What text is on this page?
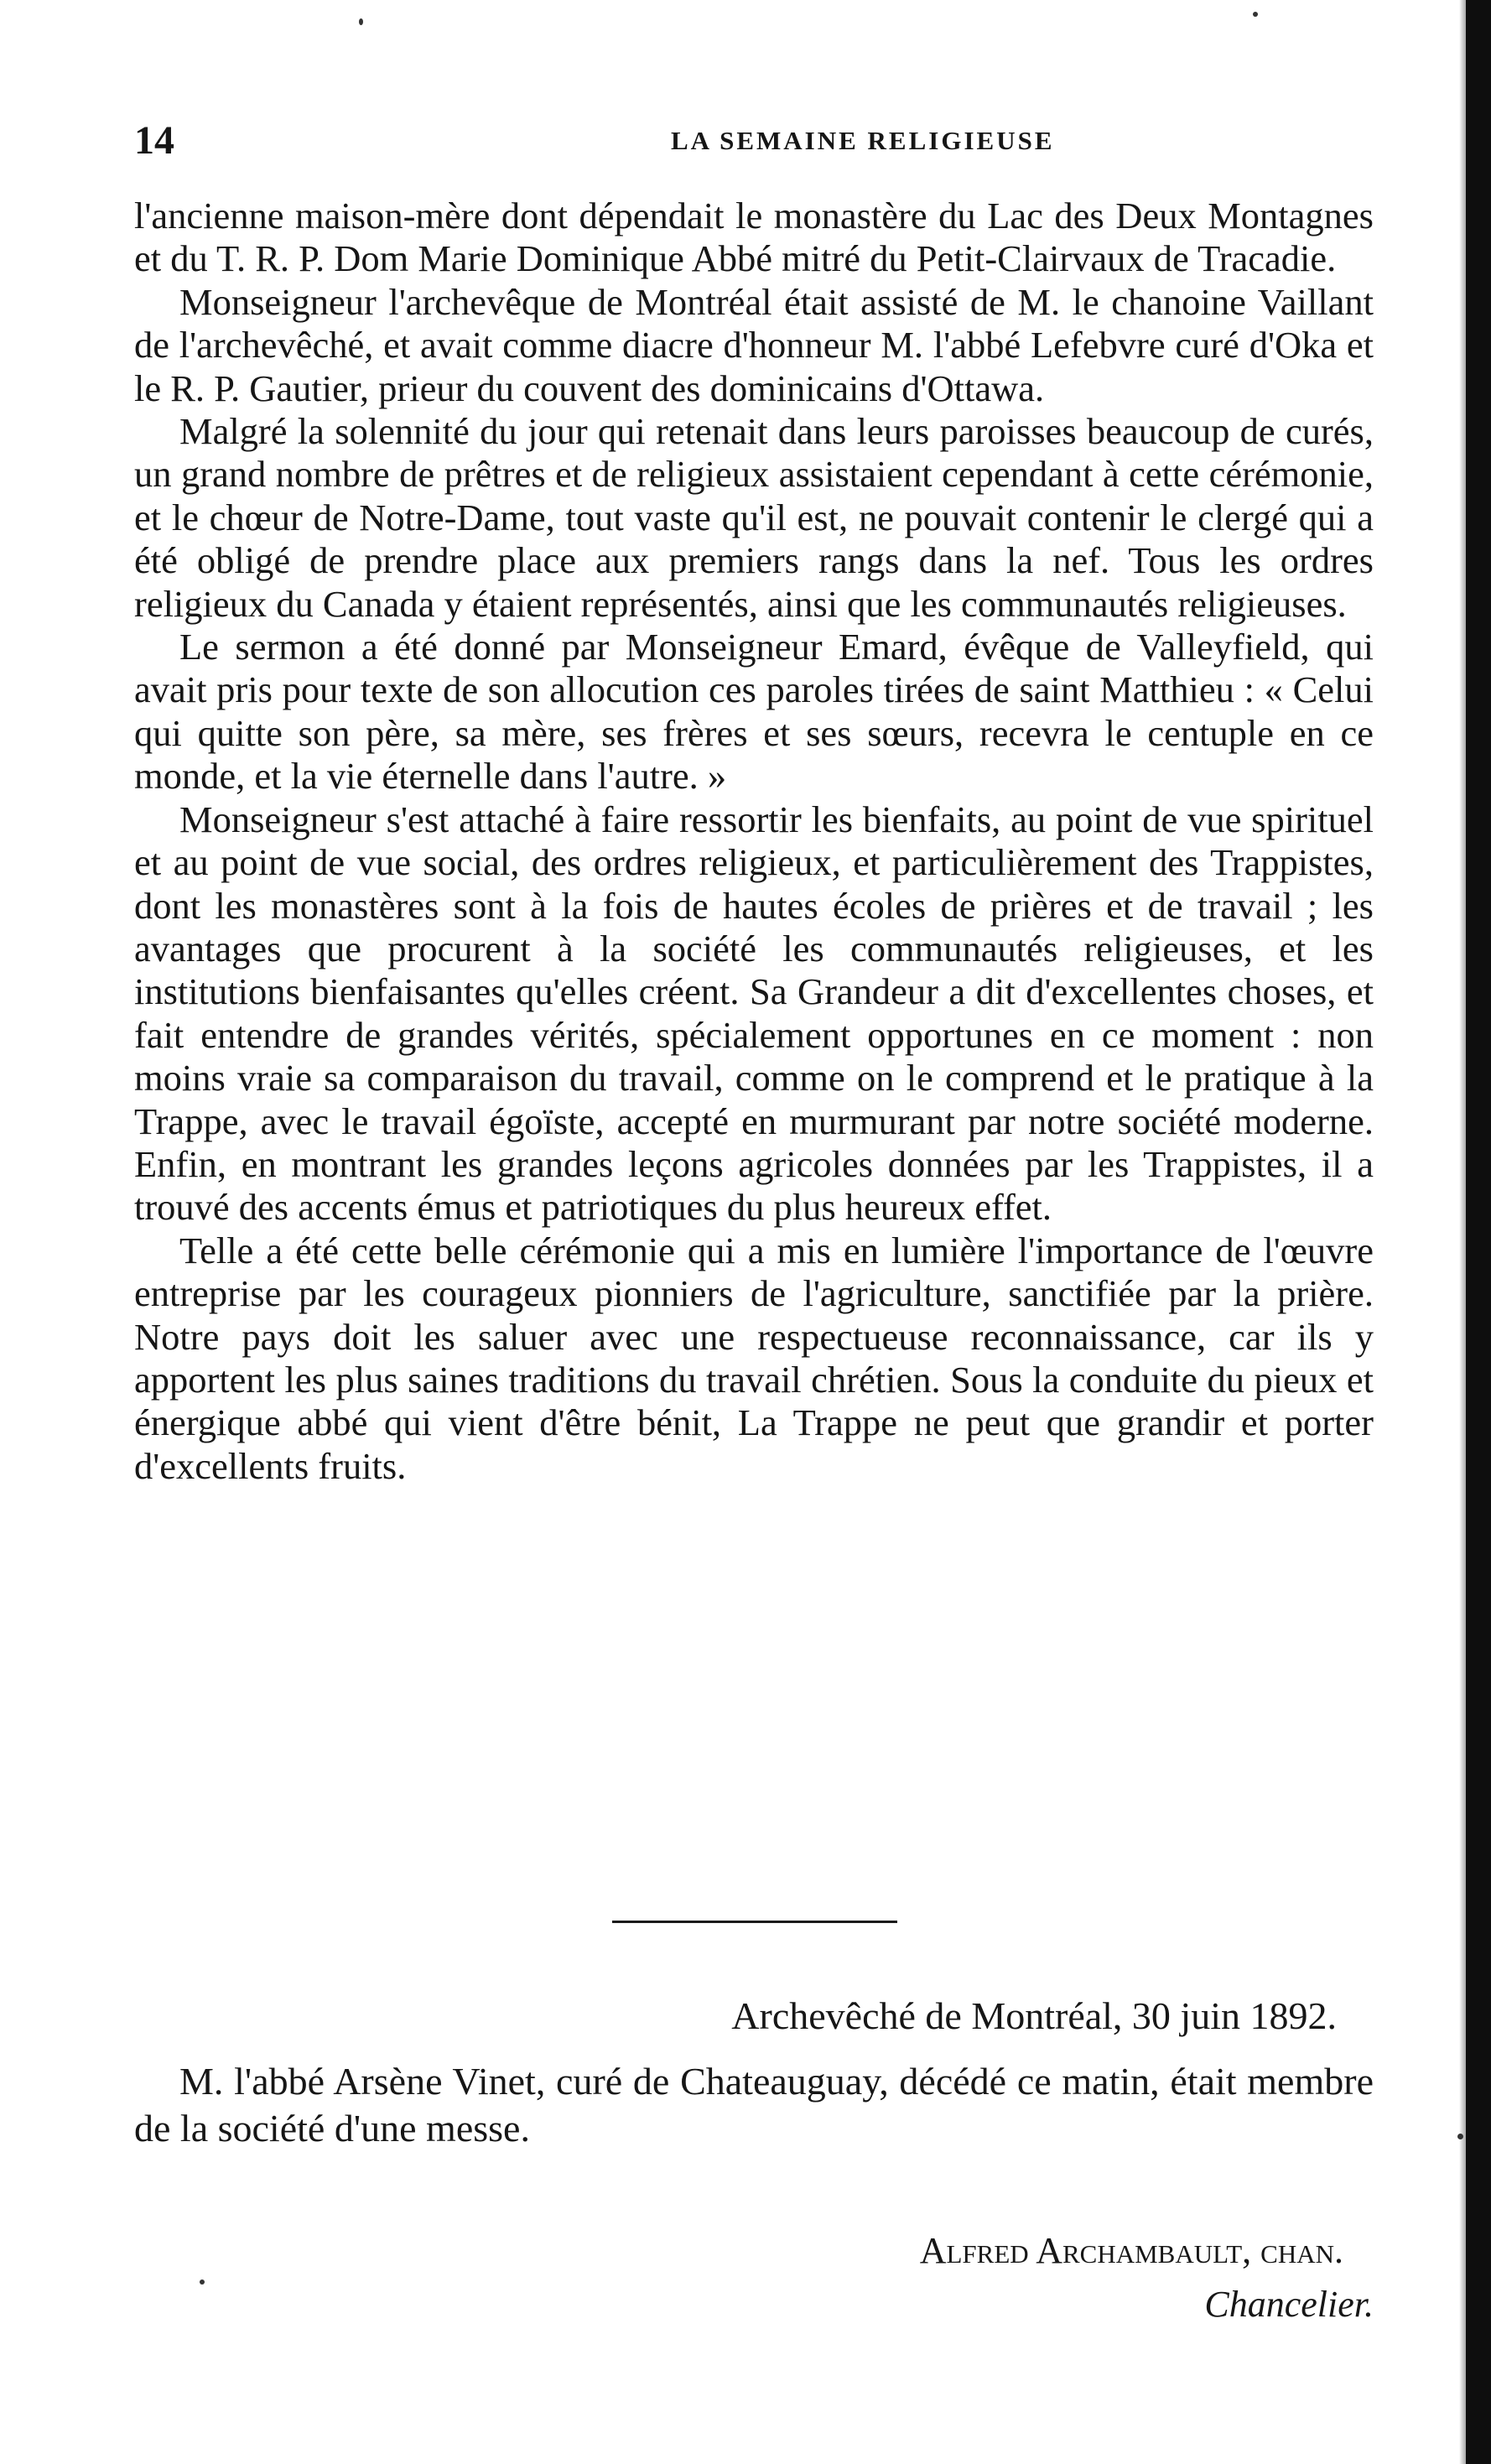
14	LA SEMAINE RELIGIEUSE

l'ancienne maison-mère dont dépendait le monastère du Lac des Deux Montagnes et du T. R. P. Dom Marie Dominique Abbé mitré du Petit-Clairvaux de Tracadie.

Monseigneur l'archevêque de Montréal était assisté de M. le chanoine Vaillant de l'archevêché, et avait comme diacre d'honneur M. l'abbé Lefebvre curé d'Oka et le R. P. Gautier, prieur du couvent des dominicains d'Ottawa.

Malgré la solennité du jour qui retenait dans leurs paroisses beaucoup de curés, un grand nombre de prêtres et de religieux assistaient cependant à cette cérémonie, et le chœur de Notre-Dame, tout vaste qu'il est, ne pouvait contenir le clergé qui a été obligé de prendre place aux premiers rangs dans la nef. Tous les ordres religieux du Canada y étaient représentés, ainsi que les communautés religieuses.

Le sermon a été donné par Monseigneur Emard, évêque de Valleyfield, qui avait pris pour texte de son allocution ces paroles tirées de saint Matthieu : « Celui qui quitte son père, sa mère, ses frères et ses sœurs, recevra le centuple en ce monde, et la vie éternelle dans l'autre. »

Monseigneur s'est attaché à faire ressortir les bienfaits, au point de vue spirituel et au point de vue social, des ordres religieux, et particulièrement des Trappistes, dont les monastères sont à la fois de hautes écoles de prières et de travail ; les avantages que procurent à la société les communautés religieuses, et les institutions bienfaisantes qu'elles créent. Sa Grandeur a dit d'excellentes choses, et fait entendre de grandes vérités, spécialement opportunes en ce moment : non moins vraie sa comparaison du travail, comme on le comprend et le pratique à la Trappe, avec le travail égoïste, accepté en murmurant par notre société moderne. Enfin, en montrant les grandes leçons agricoles données par les Trappistes, il a trouvé des accents émus et patriotiques du plus heureux effet.

Telle a été cette belle cérémonie qui a mis en lumière l'importance de l'œuvre entreprise par les courageux pionniers de l'agriculture, sanctifiée par la prière. Notre pays doit les saluer avec une respectueuse reconnaissance, car ils y apportent les plus saines traditions du travail chrétien. Sous la conduite du pieux et énergique abbé qui vient d'être bénit, La Trappe ne peut que grandir et porter d'excellents fruits.

Archevêché de Montréal, 30 juin 1892.

M. l'abbé Arsène Vinet, curé de Chateauguay, décédé ce matin, était membre de la société d'une messe.

Alfred Archambault, chan.
Chancelier.
